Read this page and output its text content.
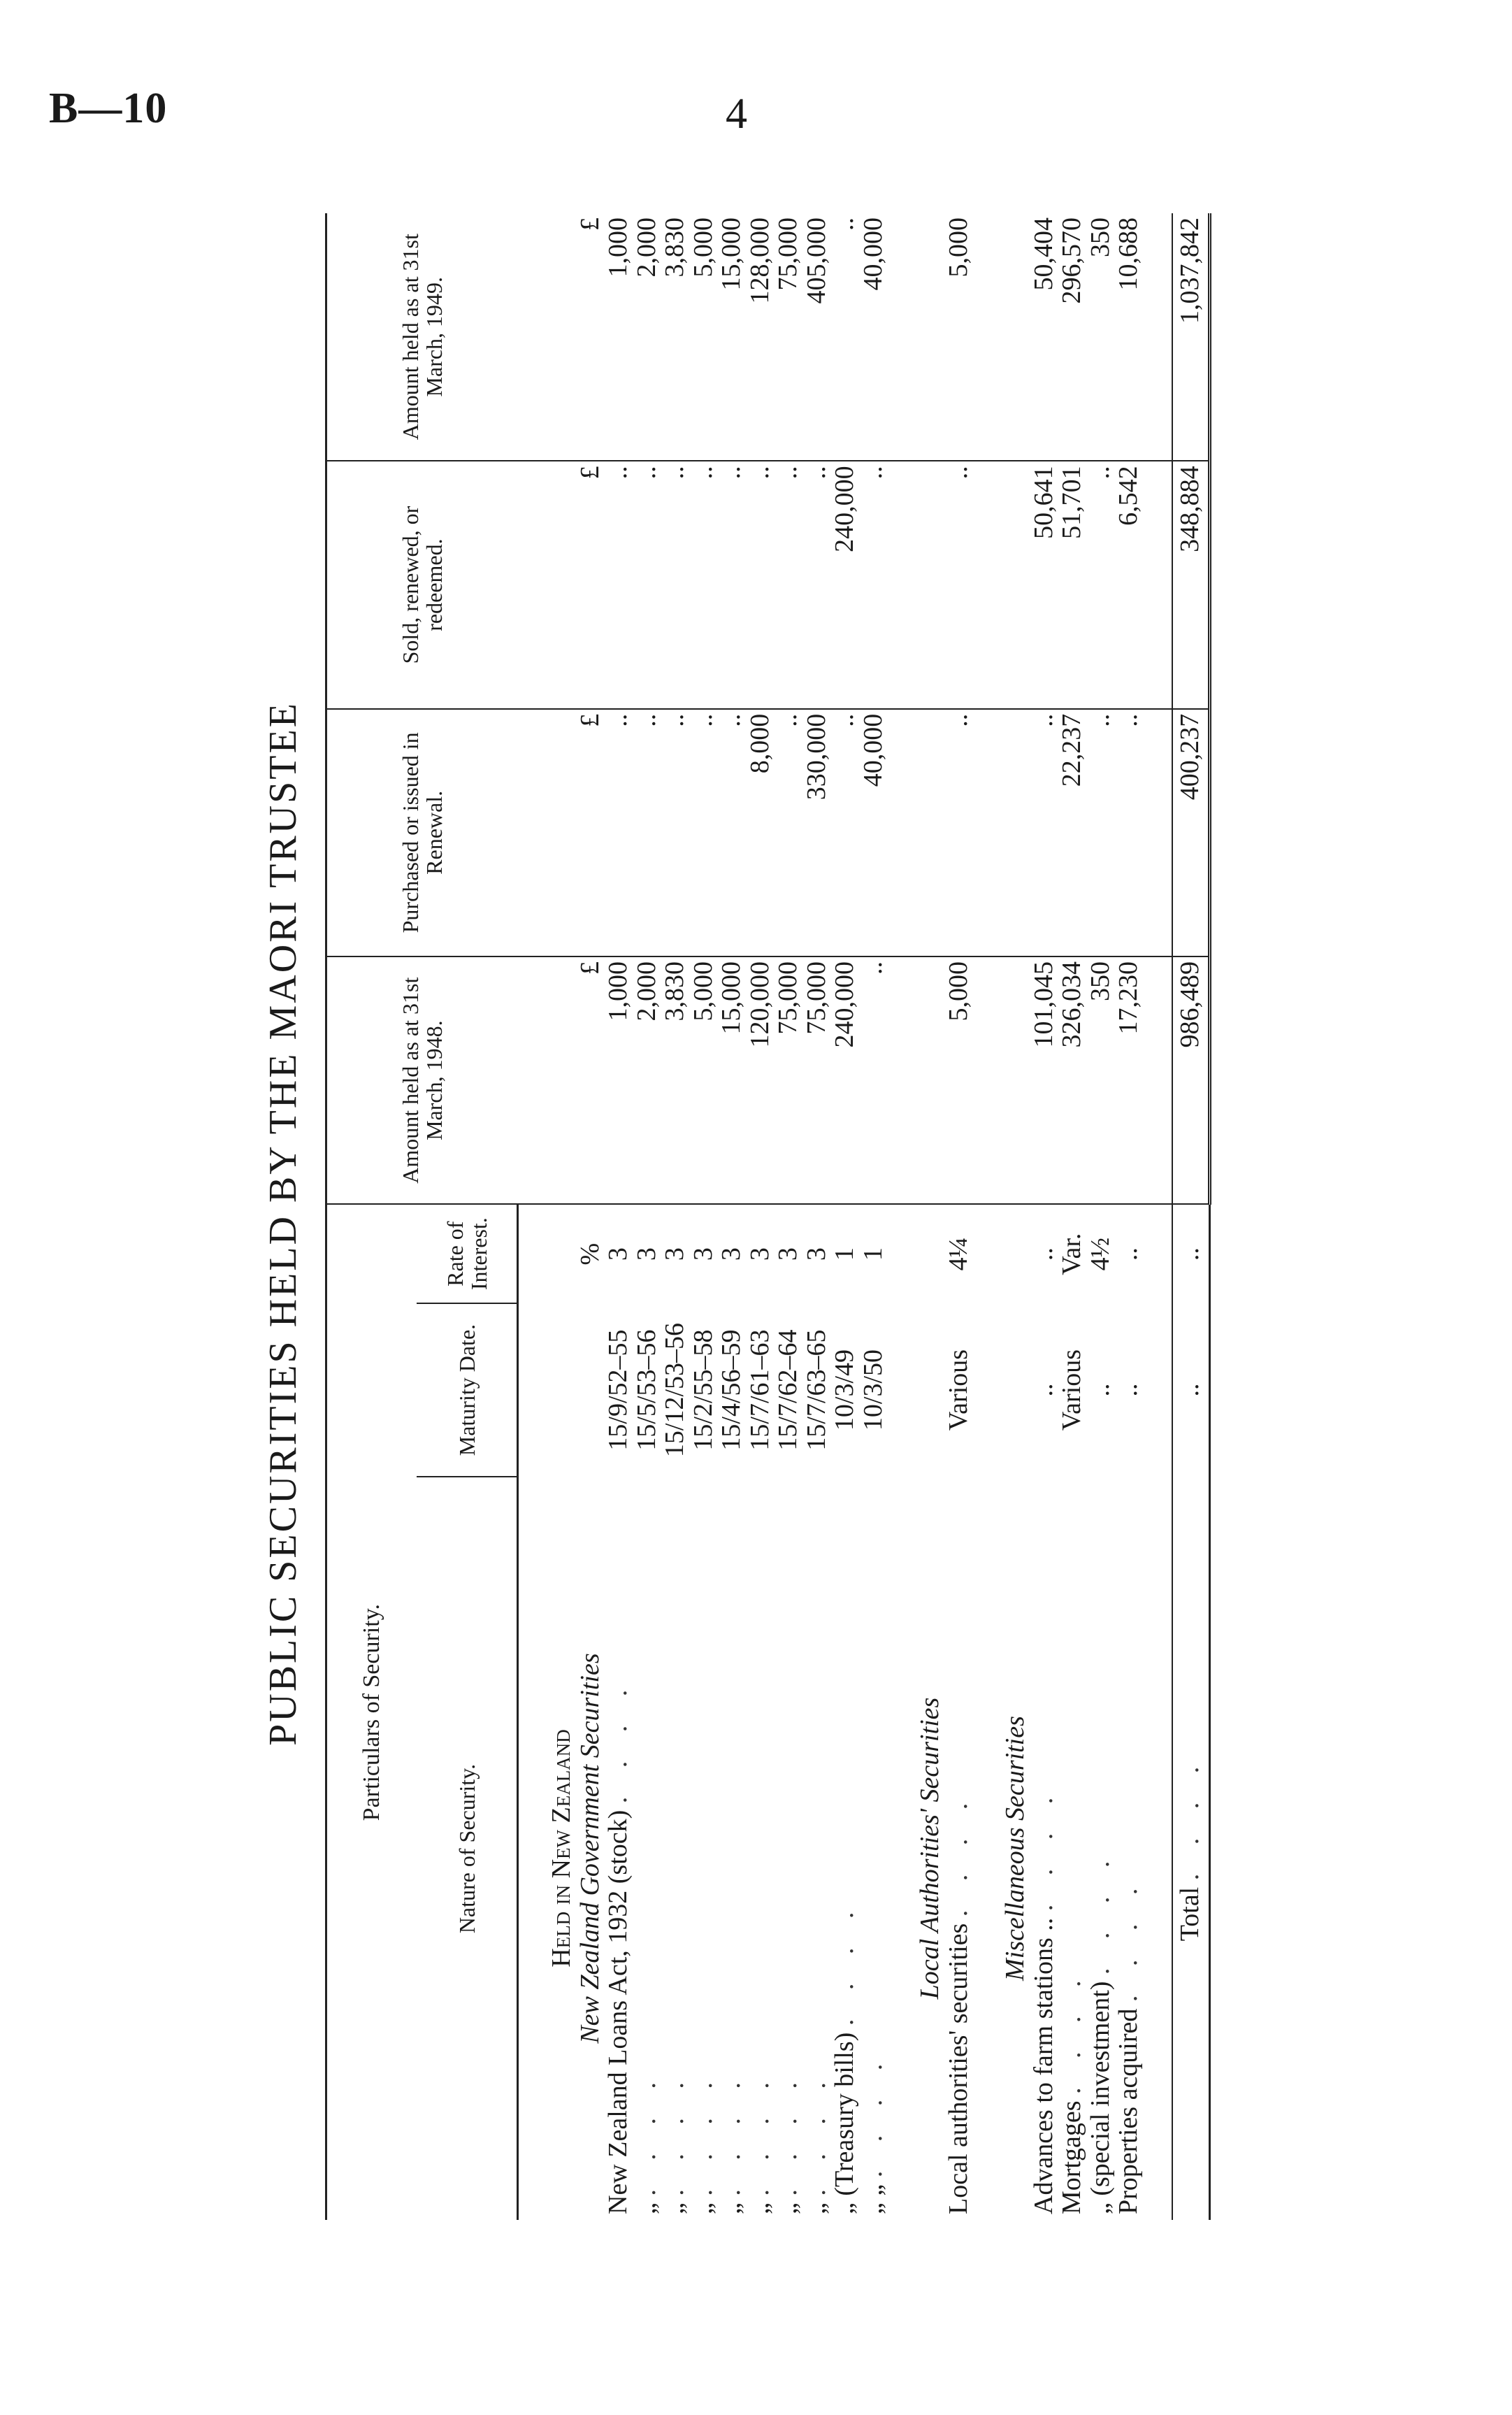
B—10	4
PUBLIC SECURITIES HELD BY THE MAORI TRUSTEE Particulars of Security.			Amount held as at 31st March, 1948.	Purchased or issued in Renewal.	Sold, renewed, or redeemed.	Amount held as at 31st March, 1949.
Nature of Security.	Maturity Date.	Rate of Interest.				

Held in New Zealand						
New Zealand Government Securities		%	£	£	£	£
New Zealand Loans Act, 1932 (stock) . . . .	15/9/52–55	3	1,000	..	..	1,000
„ . . . .	15/5/53–56	3	2,000	..	..	2,000
„ . . . .	15/12/53–56	3	3,830	..	..	3,830
„ . . . .	15/2/55–58	3	5,000	..	..	5,000
„ . . . .	15/4/56–59	3	15,000	..	..	15,000
„ . . . .	15/7/61–63	3	120,000	8,000	..	128,000
„ . . . .	15/7/62–64	3	75,000	..	..	75,000
„ . . . .	15/7/63–65	3	75,000	330,000	..	405,000
„ (Treasury bills) . . . .	10/3/49	1	240,000	..	240,000	..
„ „ . . . .	10/3/50	1	..	40,000	..	40,000

Local Authorities' Securities						
Local authorities' securities . . . .	Various	4¼	5,000	..	..	5,000

Miscellaneous Securities						
Advances to farm stations .. . . . .	..	..	101,045	..	50,641	50,404
Mortgages . . . .	Various	Var.	326,034	22,237	51,701	296,570
„ (special investment) . . . .	..	4½	350	..	..	350
Properties acquired . . . .	..	..	17,230	..	6,542	10,688

Total . . . .	..	..	986,489	400,237	348,884	1,037,842
